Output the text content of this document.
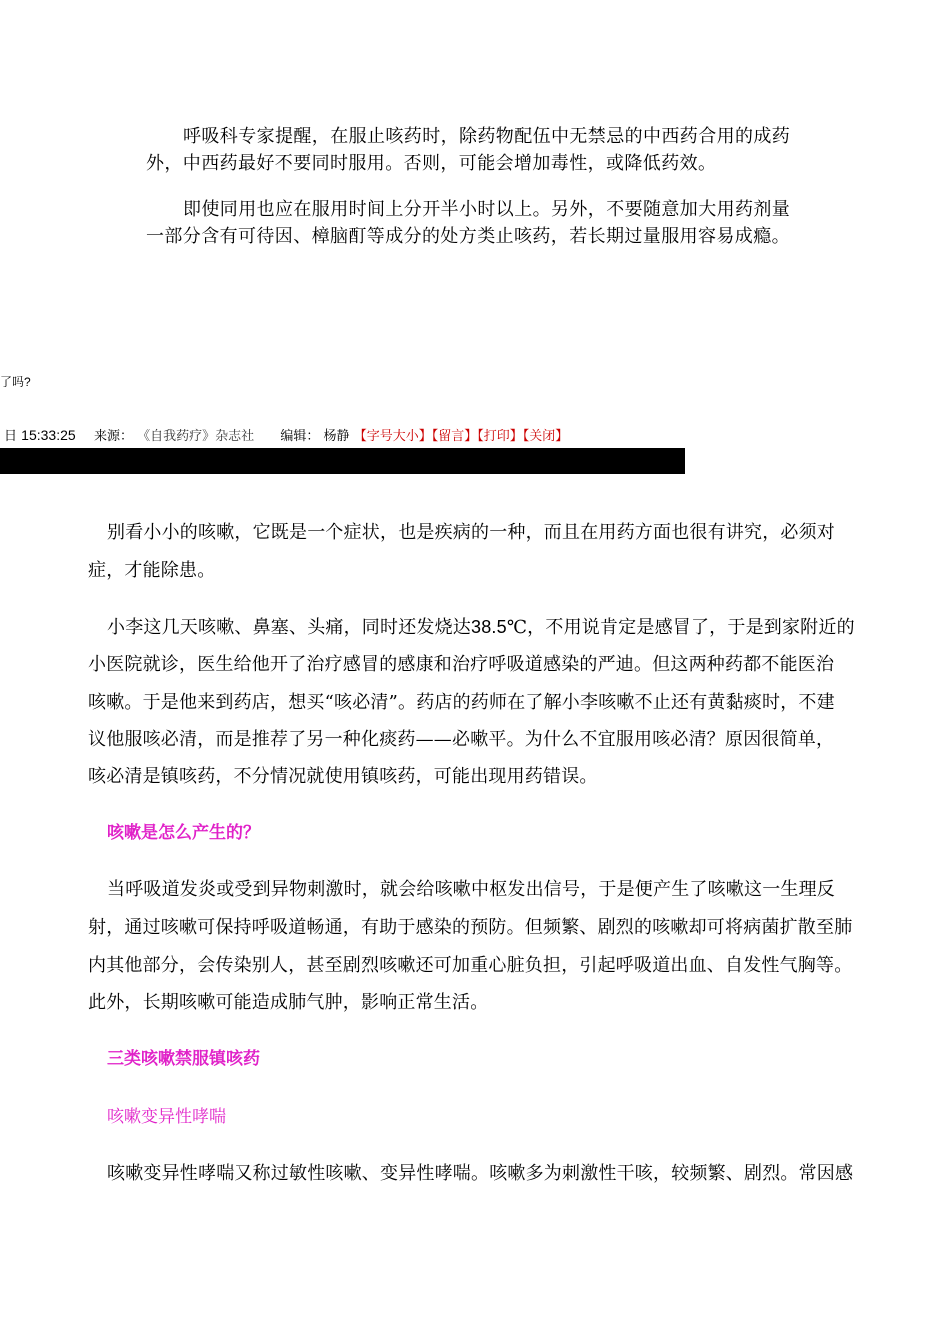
呼吸科专家提醒，在服止咳药时，除药物配伍中无禁忌的中西药合用的成药
外，中西药最好不要同时服用。否则，可能会增加毒性，或降低药效。
即使同用也应在服用时间上分开半小时以上。另外，不要随意加大用药剂量
一部分含有可待因、樟脑酊等成分的处方类止咳药，若长期过量服用容易成瘾。
了吗?
日 15:33:25 来源： 《自我药疗》杂志社 编辑： 杨静 【字号大小】【留言】【打印】【关闭】
别看小小的咳嗽，它既是一个症状，也是疾病的一种，而且在用药方面也很有讲究，必须对
症，才能除患。
小李这几天咳嗽、鼻塞、头痛，同时还发烧达38.5℃，不用说肯定是感冒了，于是到家附近的
小医院就诊，医生给他开了治疗感冒的感康和治疗呼吸道感染的严迪。但这两种药都不能医治
咳嗽。于是他来到药店，想买“咳必清”。药店的药师在了解小李咳嗽不止还有黄黏痰时，不建
议他服咳必清，而是推荐了另一种化痰药——必嗽平。为什么不宜服用咳必清？原因很简单，
咳必清是镇咳药，不分情况就使用镇咳药，可能出现用药错误。
咳嗽是怎么产生的？
当呼吸道发炎或受到异物刺激时，就会给咳嗽中枢发出信号，于是便产生了咳嗽这一生理反
射，通过咳嗽可保持呼吸道畅通，有助于感染的预防。但频繁、剧烈的咳嗽却可将病菌扩散至肺
内其他部分，会传染别人，甚至剧烈咳嗽还可加重心脏负担，引起呼吸道出血、自发性气胸等。
此外，长期咳嗽可能造成肺气肿，影响正常生活。
三类咳嗽禁服镇咳药
咳嗽变异性哮喘
咳嗽变异性哮喘又称过敏性咳嗽、变异性哮喘。咳嗽多为刺激性干咳，较频繁、剧烈。常因感
